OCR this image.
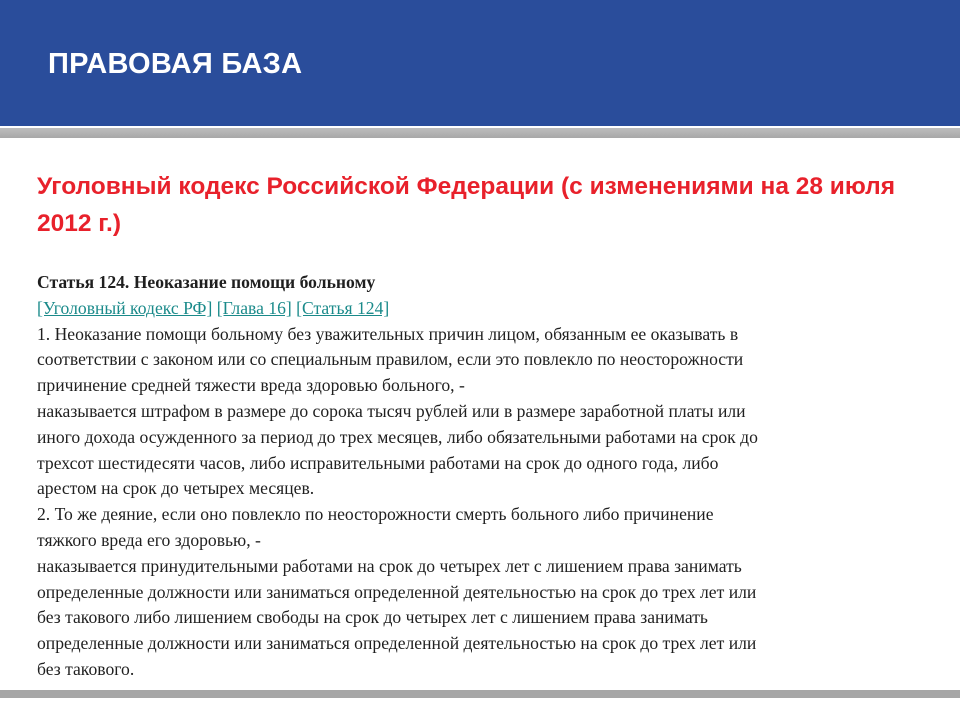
ПРАВОВАЯ БАЗА
Уголовный кодекс Российской Федерации (с изменениями на 28 июля 2012 г.)
Статья 124. Неоказание помощи больному
[Уголовный кодекс РФ] [Глава 16] [Статья 124]
1. Неоказание помощи больному без уважительных причин лицом, обязанным ее оказывать в
соответствии с законом или со специальным правилом, если это повлекло по неосторожности
причинение средней тяжести вреда здоровью больного, -
наказывается штрафом в размере до сорока тысяч рублей или в размере заработной платы или
иного дохода осужденного за период до трех месяцев, либо обязательными работами на срок до
трехсот шестидесяти часов, либо исправительными работами на срок до одного года, либо
арестом на срок до четырех месяцев.
2. То же деяние, если оно повлекло по неосторожности смерть больного либо причинение
тяжкого вреда его здоровью, -
наказывается принудительными работами на срок до четырех лет с лишением права занимать
определенные должности или заниматься определенной деятельностью на срок до трех лет или
без такового либо лишением свободы на срок до четырех лет с лишением права занимать
определенные должности или заниматься определенной деятельностью на срок до трех лет или
без такового.
